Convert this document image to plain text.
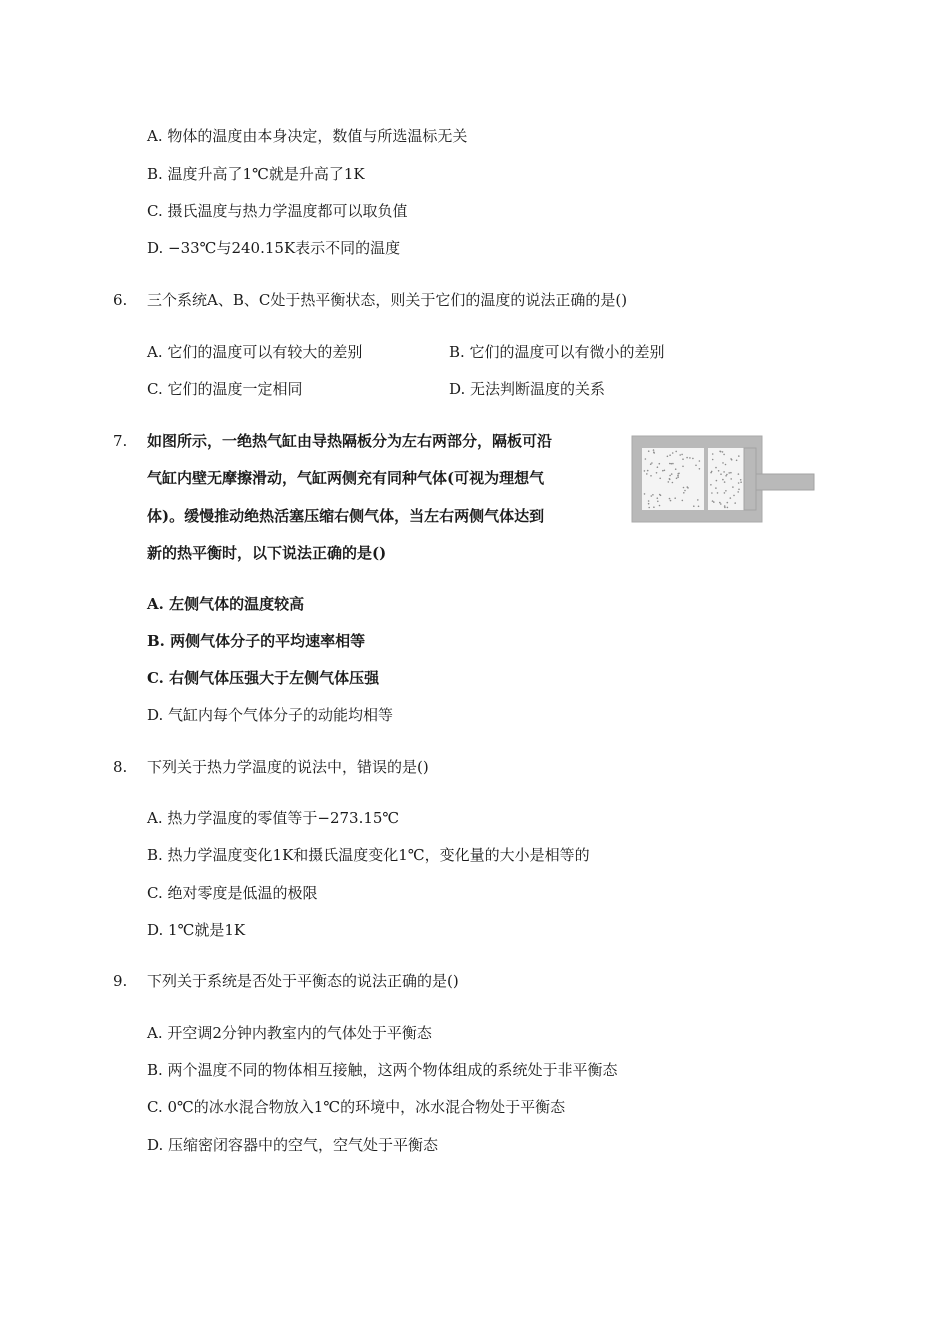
A. 物体的温度由本身决定，数值与所选温标无关
B. 温度升高了1℃就是升高了1K
C. 摄氏温度与热力学温度都可以取负值
D. −33℃与240.15K表示不同的温度
6. 三个系统A、B、C处于热平衡状态，则关于它们的温度的说法正确的是()
A. 它们的温度可以有较大的差别	B. 它们的温度可以有微小的差别
C. 它们的温度一定相同	D. 无法判断温度的关系
7. 如图所示，一绝热气缸由导热隔板分为左右两部分，隔板可沿
气缸内壁无摩擦滑动，气缸两侧充有同种气体(可视为理想气
体)。缓慢推动绝热活塞压缩右侧气体，当左右两侧气体达到
新的热平衡时，以下说法正确的是()
A. 左侧气体的温度较高
B. 两侧气体分子的平均速率相等
C. 右侧气体压强大于左侧气体压强
D. 气缸内每个气体分子的动能均相等
8. 下列关于热力学温度的说法中，错误的是()
A. 热力学温度的零值等于−273.15℃
B. 热力学温度变化1K和摄氏温度变化1℃，变化量的大小是相等的
C. 绝对零度是低温的极限
D. 1℃就是1K
9. 下列关于系统是否处于平衡态的说法正确的是()
A. 开空调2分钟内教室内的气体处于平衡态
B. 两个温度不同的物体相互接触，这两个物体组成的系统处于非平衡态
C. 0℃的冰水混合物放入1℃的环境中，冰水混合物处于平衡态
D. 压缩密闭容器中的空气，空气处于平衡态
